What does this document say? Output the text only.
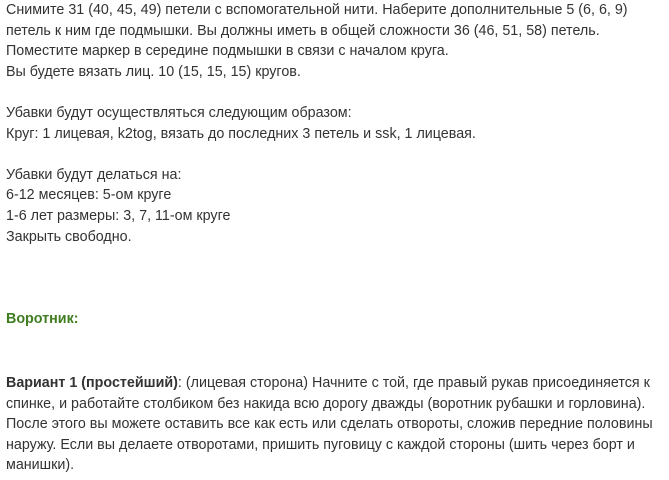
Снимите 31 (40, 45, 49) петели с вспомогательной нити. Наберите дополнительные 5 (6, 6, 9)

петель к ним где подмышки. Вы должны иметь в общей сложности 36 (46, 51, 58) петель.

Поместите маркер в середине подмышки в связи с началом круга.

Вы будете вязать лиц. 10 (15, 15, 15) кругов.

Убавки будут осуществляться следующим образом:

Круг: 1 лицевая, k2tog, вязать до последних 3 петель и ssk, 1 лицевая.

Убавки будут делаться на:

6-12 месяцев: 5-ом круге

1-6 лет размеры: 3, 7, 11-ом круге

Закрыть свободно.

Воротник:

Вариант 1 (простейший): (лицевая сторона) Начните с той, где правый рукав присоединяется к спинке, и работайте столбиком без накида всю дорогу дважды (воротник рубашки и горловина). После этого вы можете оставить все как есть или сделать отвороты, сложив передние половины наружу. Если вы делаете отворотами, пришить пуговицу с каждой стороны (шить через борт и манишки).
